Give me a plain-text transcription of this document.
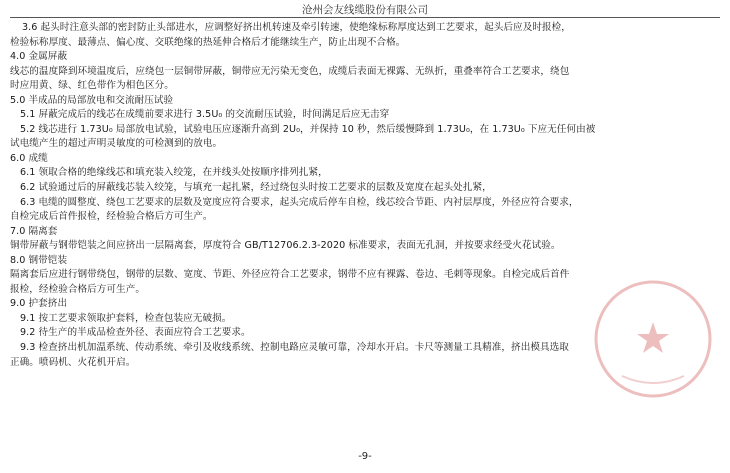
沧州会友线缆股份有限公司
3.6 起头时注意头部的密封防止头部进水，应调整好挤出机转速及牵引转速，使绝缘标称厚度达到工艺要求，起头后应及时报检，
检验标称厚度、最薄点、偏心度、交联绝缘的热延伸合格后才能继续生产，防止出现不合格。
4.0 金属屏蔽
线芯的温度降到环境温度后，应绕包一层铜带屏蔽，铜带应无污染无变色，成缆后表面无裸露、无纵折，重叠率符合工艺要求，绕包
时应用黄、绿、红色带作为相色区分。
5.0 半成品的局部放电和交流耐压试验
5.1 屏蔽完成后的线芯在成缆前要求进行 3.5U₀ 的交流耐压试验，时间满足后应无击穿
5.2 线芯进行 1.73U₀ 局部放电试验，试验电压应逐渐升高到 2U₀，并保持 10 秒，然后缓慢降到 1.73U₀，在 1.73U₀ 下应无任何由被
试电缆产生的超过声明灵敏度的可检测到的放电。
6.0 成缆
6.1 领取合格的绝缘线芯和填充装入绞笼，在并线头处按顺序排列扎紧，
6.2 试验通过后的屏蔽线芯装入绞笼，与填充一起扎紧，经过绕包头时按工艺要求的层数及宽度在起头处扎紧，
6.3 电缆的圆整度、绕包工艺要求的层数及宽度应符合要求，起头完成后停车自检，线芯绞合节距、内衬层厚度，外径应符合要求，
自检完成后首件报检，经检验合格后方可生产。
7.0 隔离套
铜带屏蔽与钢带铠装之间应挤出一层隔离套，厚度符合 GB/T12706.2.3-2020 标准要求，表面无孔洞，并按要求经受火花试验。
8.0 钢带铠装
隔离套后应进行钢带绕包，钢带的层数、宽度、节距、外径应符合工艺要求，钢带不应有裸露、卷边、毛刺等现象。自检完成后首件
报检，经检验合格后方可生产。
9.0 护套挤出
9.1 按工艺要求领取护套料，检查包装应无破损。
9.2 待生产的半成品检查外径、表面应符合工艺要求。
9.3 检查挤出机加温系统、传动系统、牵引及收线系统、控制电路应灵敏可靠，冷却水开启。卡尺等测量工具精准，挤出模具选取
正确。喷码机、火花机开启。
-9-
